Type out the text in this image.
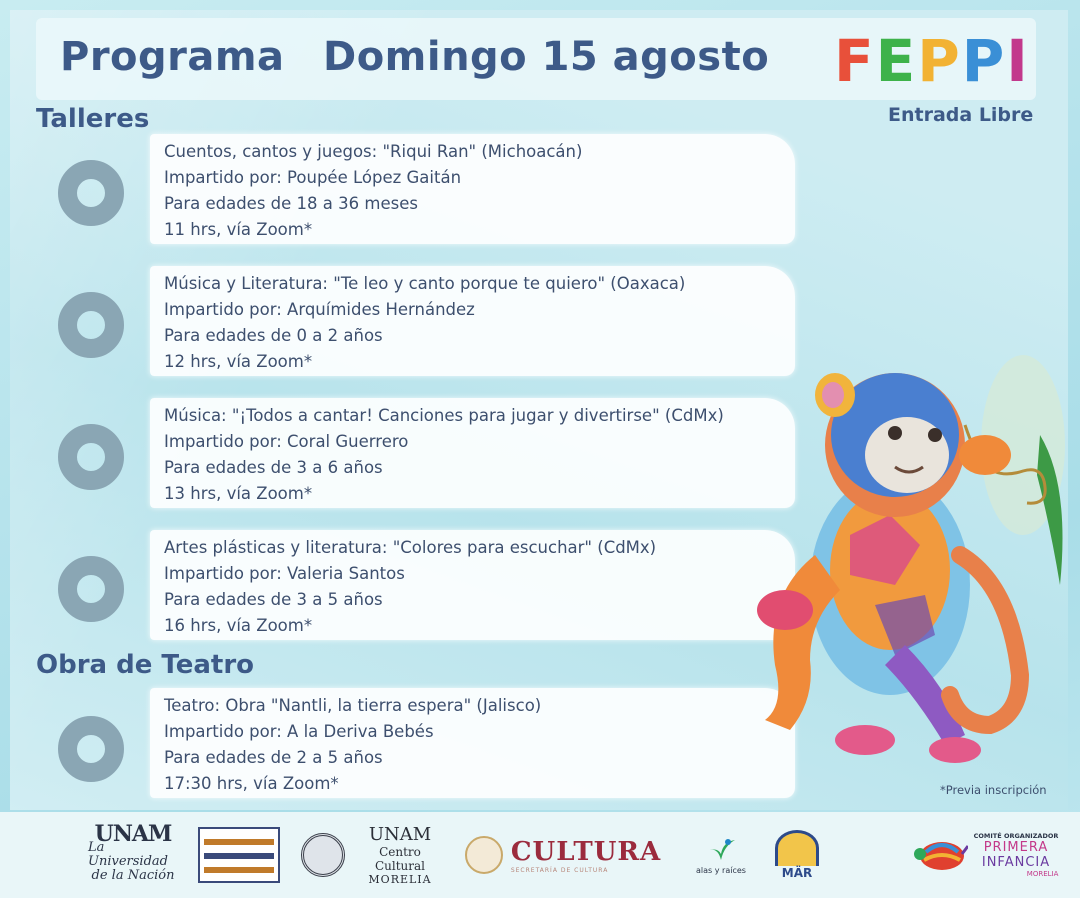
Programa Domingo 15 agosto FEPPI
Entrada Libre
Talleres
Cuentos, cantos y juegos: "Riqui Ran" (Michoacán)
Impartido por: Poupée López Gaitán
Para edades de 18 a 36 meses
11 hrs, vía Zoom*
Música y Literatura: "Te leo y canto porque te quiero" (Oaxaca)
Impartido por: Arquímides Hernández
Para edades de 0 a 2 años
12 hrs, vía Zoom*
Música: "¡Todos a cantar! Canciones para jugar y divertirse" (CdMx)
Impartido por: Coral Guerrero
Para edades de 3 a 6 años
13 hrs, vía Zoom*
Artes plásticas y literatura: "Colores para escuchar" (CdMx)
Impartido por: Valeria Santos
Para edades de 3 a 5 años
16 hrs, vía Zoom*
Obra de Teatro
Teatro: Obra "Nantli, la tierra espera" (Jalisco)
Impartido por: A la Deriva Bebés
Para edades de 2 a 5 años
17:30 hrs, vía Zoom*	*Previa inscripción
UNAM
La Universidad
de la Nación
UNAM
Centro Cultural
MORELIA
CULTURA
SECRETARÍA DE CULTURA	alas y raíces	MÄR
COMITÉ ORGANIZADOR
PRIMERA
INFANCIA
MORELIA
